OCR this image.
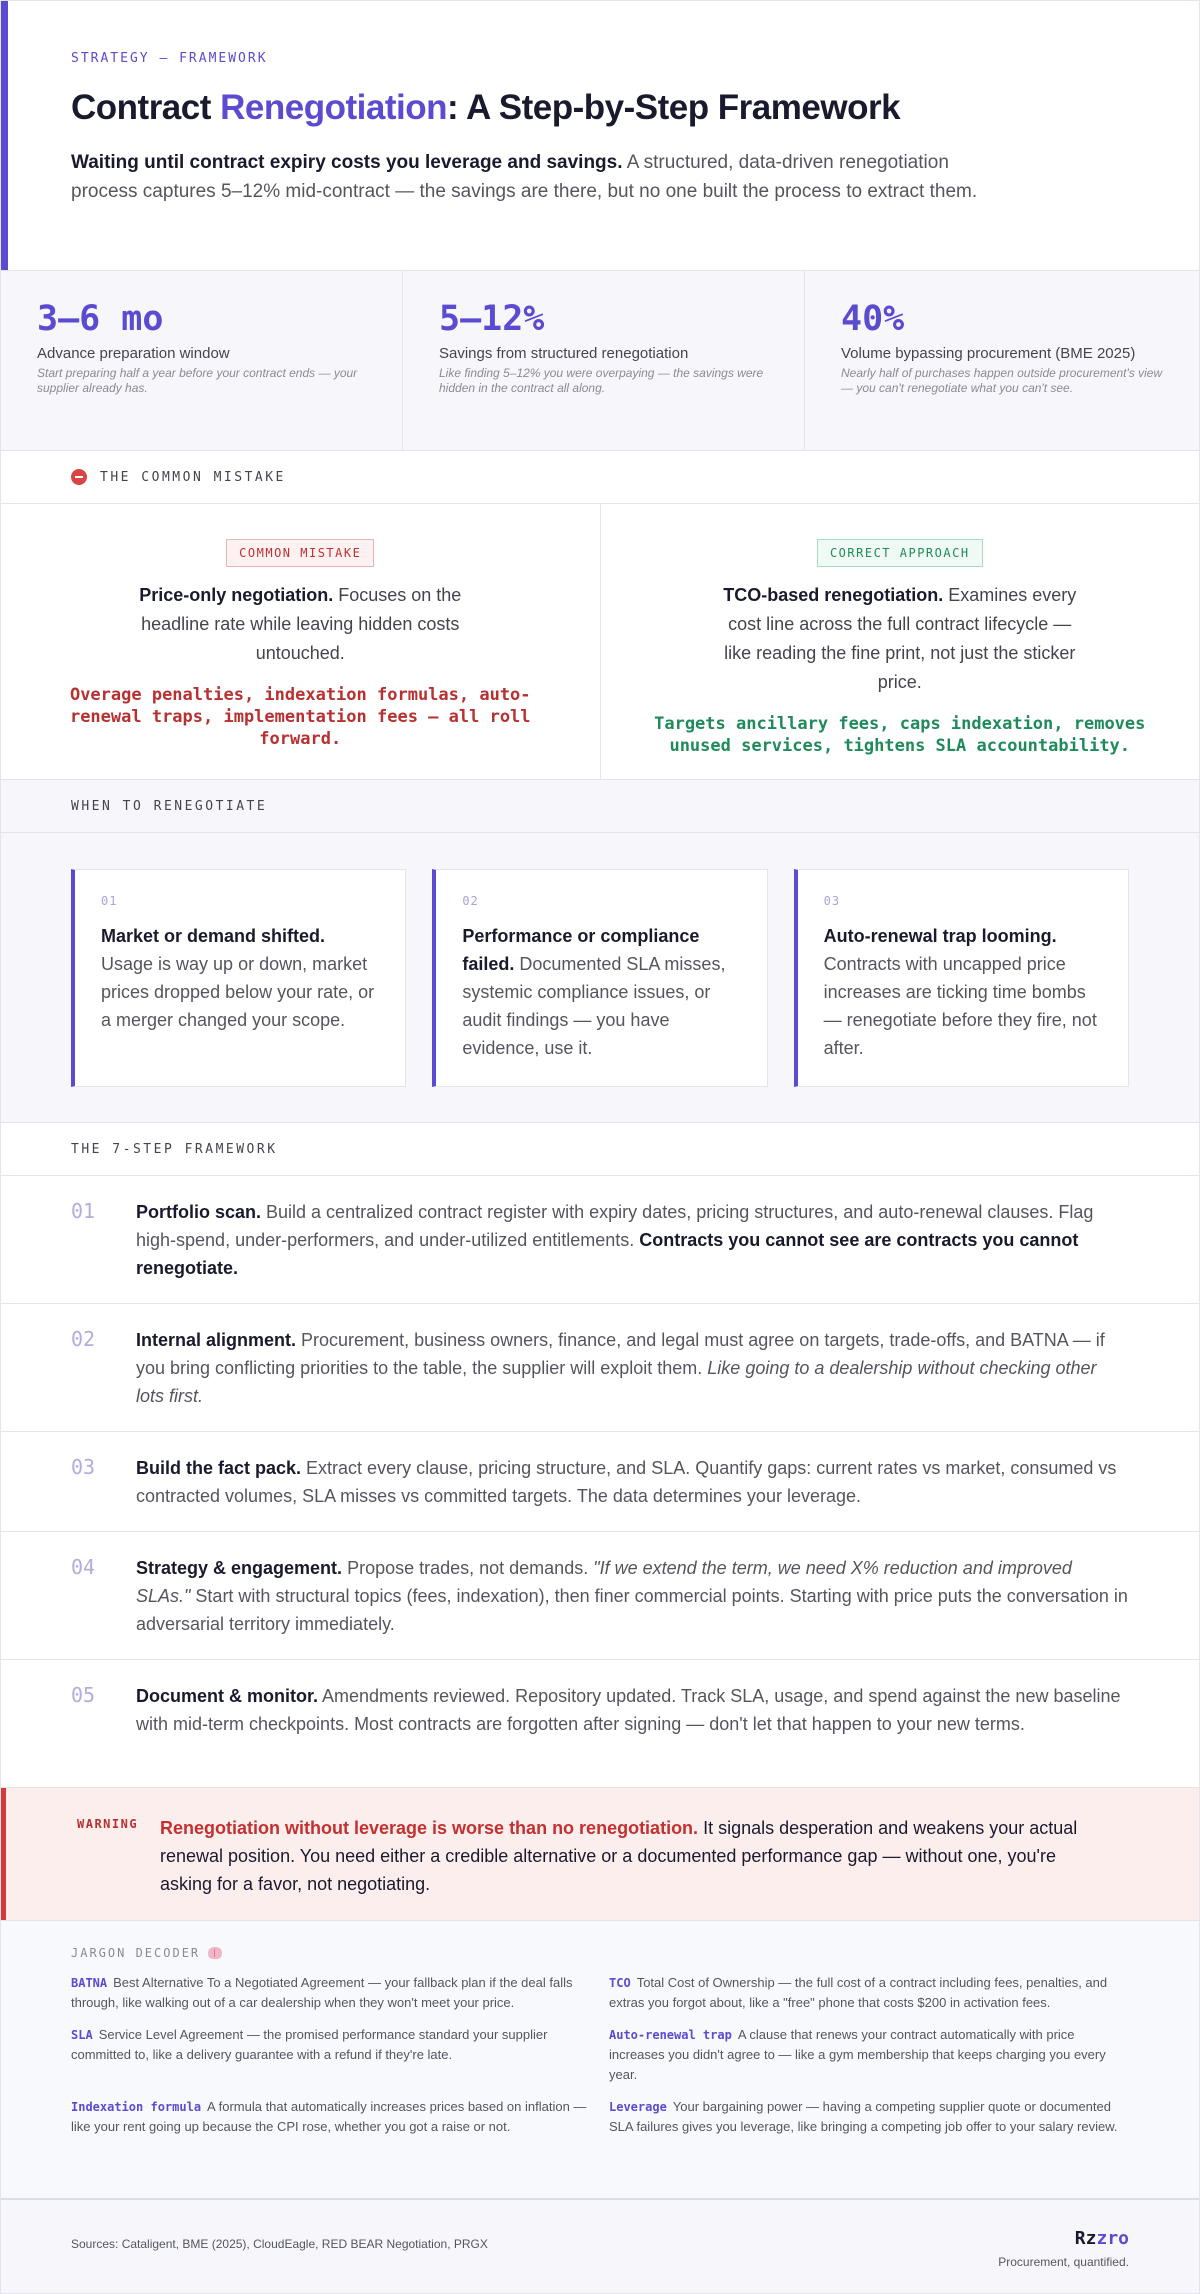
STRATEGY — FRAMEWORK
Contract Renegotiation: A Step-by-Step Framework

Waiting until contract expiry costs you leverage and savings. A structured, data-driven renegotiation process captures 5–12% mid-contract — the savings are there, but no one built the process to extract them.

3–6 mo
Advance preparation window
Start preparing half a year before your contract ends — your supplier already has.
5–12%
Savings from structured renegotiation
Like finding 5–12% you were overpaying — the savings were hidden in the contract all along.
40%
Volume bypassing procurement (BME 2025)
Nearly half of purchases happen outside procurement's view — you can't renegotiate what you can't see.
THE COMMON MISTAKE
COMMON MISTAKE

Price-only negotiation. Focuses on the headline rate while leaving hidden costs untouched.

Overage penalties, indexation formulas, auto-renewal traps, implementation fees — all roll forward.

CORRECT APPROACH

TCO-based renegotiation. Examines every cost line across the full contract lifecycle — like reading the fine print, not just the sticker price.

Targets ancillary fees, caps indexation, removes unused services, tightens SLA accountability.

WHEN TO RENEGOTIATE
01

Market or demand shifted. Usage is way up or down, market prices dropped below your rate, or a merger changed your scope.

02

Performance or compliance failed. Documented SLA misses, systemic compliance issues, or audit findings — you have evidence, use it.

03

Auto-renewal trap looming. Contracts with uncapped price increases are ticking time bombs — renegotiate before they fire, not after.

THE 7-STEP FRAMEWORK
01	Portfolio scan. Build a centralized contract register with expiry dates, pricing structures, and auto-renewal clauses. Flag high-spend, under-performers, and under-utilized entitlements. Contracts you cannot see are contracts you cannot renegotiate.

02	Internal alignment. Procurement, business owners, finance, and legal must agree on targets, trade-offs, and BATNA — if you bring conflicting priorities to the table, the supplier will exploit them. Like going to a dealership without checking other lots first.

03	Build the fact pack. Extract every clause, pricing structure, and SLA. Quantify gaps: current rates vs market, consumed vs contracted volumes, SLA misses vs committed targets. The data determines your leverage.

04	Strategy & engagement. Propose trades, not demands. "If we extend the term, we need X% reduction and improved SLAs." Start with structural topics (fees, indexation), then finer commercial points. Starting with price puts the conversation in adversarial territory immediately.

05	Document & monitor. Amendments reviewed. Repository updated. Track SLA, usage, and spend against the new baseline with mid-term checkpoints. Most contracts are forgotten after signing — don't let that happen to your new terms.

WARNING	Renegotiation without leverage is worse than no renegotiation. It signals desperation and weakens your actual renewal position. You need either a credible alternative or a documented performance gap — without one, you're asking for a favor, not negotiating.

JARGON DECODER

BATNA Best Alternative To a Negotiated Agreement — your fallback plan if the deal falls through, like walking out of a car dealership when they won't meet your price.

TCO Total Cost of Ownership — the full cost of a contract including fees, penalties, and extras you forgot about, like a "free" phone that costs $200 in activation fees.

SLA Service Level Agreement — the promised performance standard your supplier committed to, like a delivery guarantee with a refund if they're late.

Auto-renewal trap A clause that renews your contract automatically with price increases you didn't agree to — like a gym membership that keeps charging you every year.

Indexation formula A formula that automatically increases prices based on inflation — like your rent going up because the CPI rose, whether you got a raise or not.

Leverage Your bargaining power — having a competing supplier quote or documented SLA failures gives you leverage, like bringing a competing job offer to your salary review.

Sources: Cataligent, BME (2025), CloudEagle, RED BEAR Negotiation, PRGX	Rzzro
Procurement, quantified.
